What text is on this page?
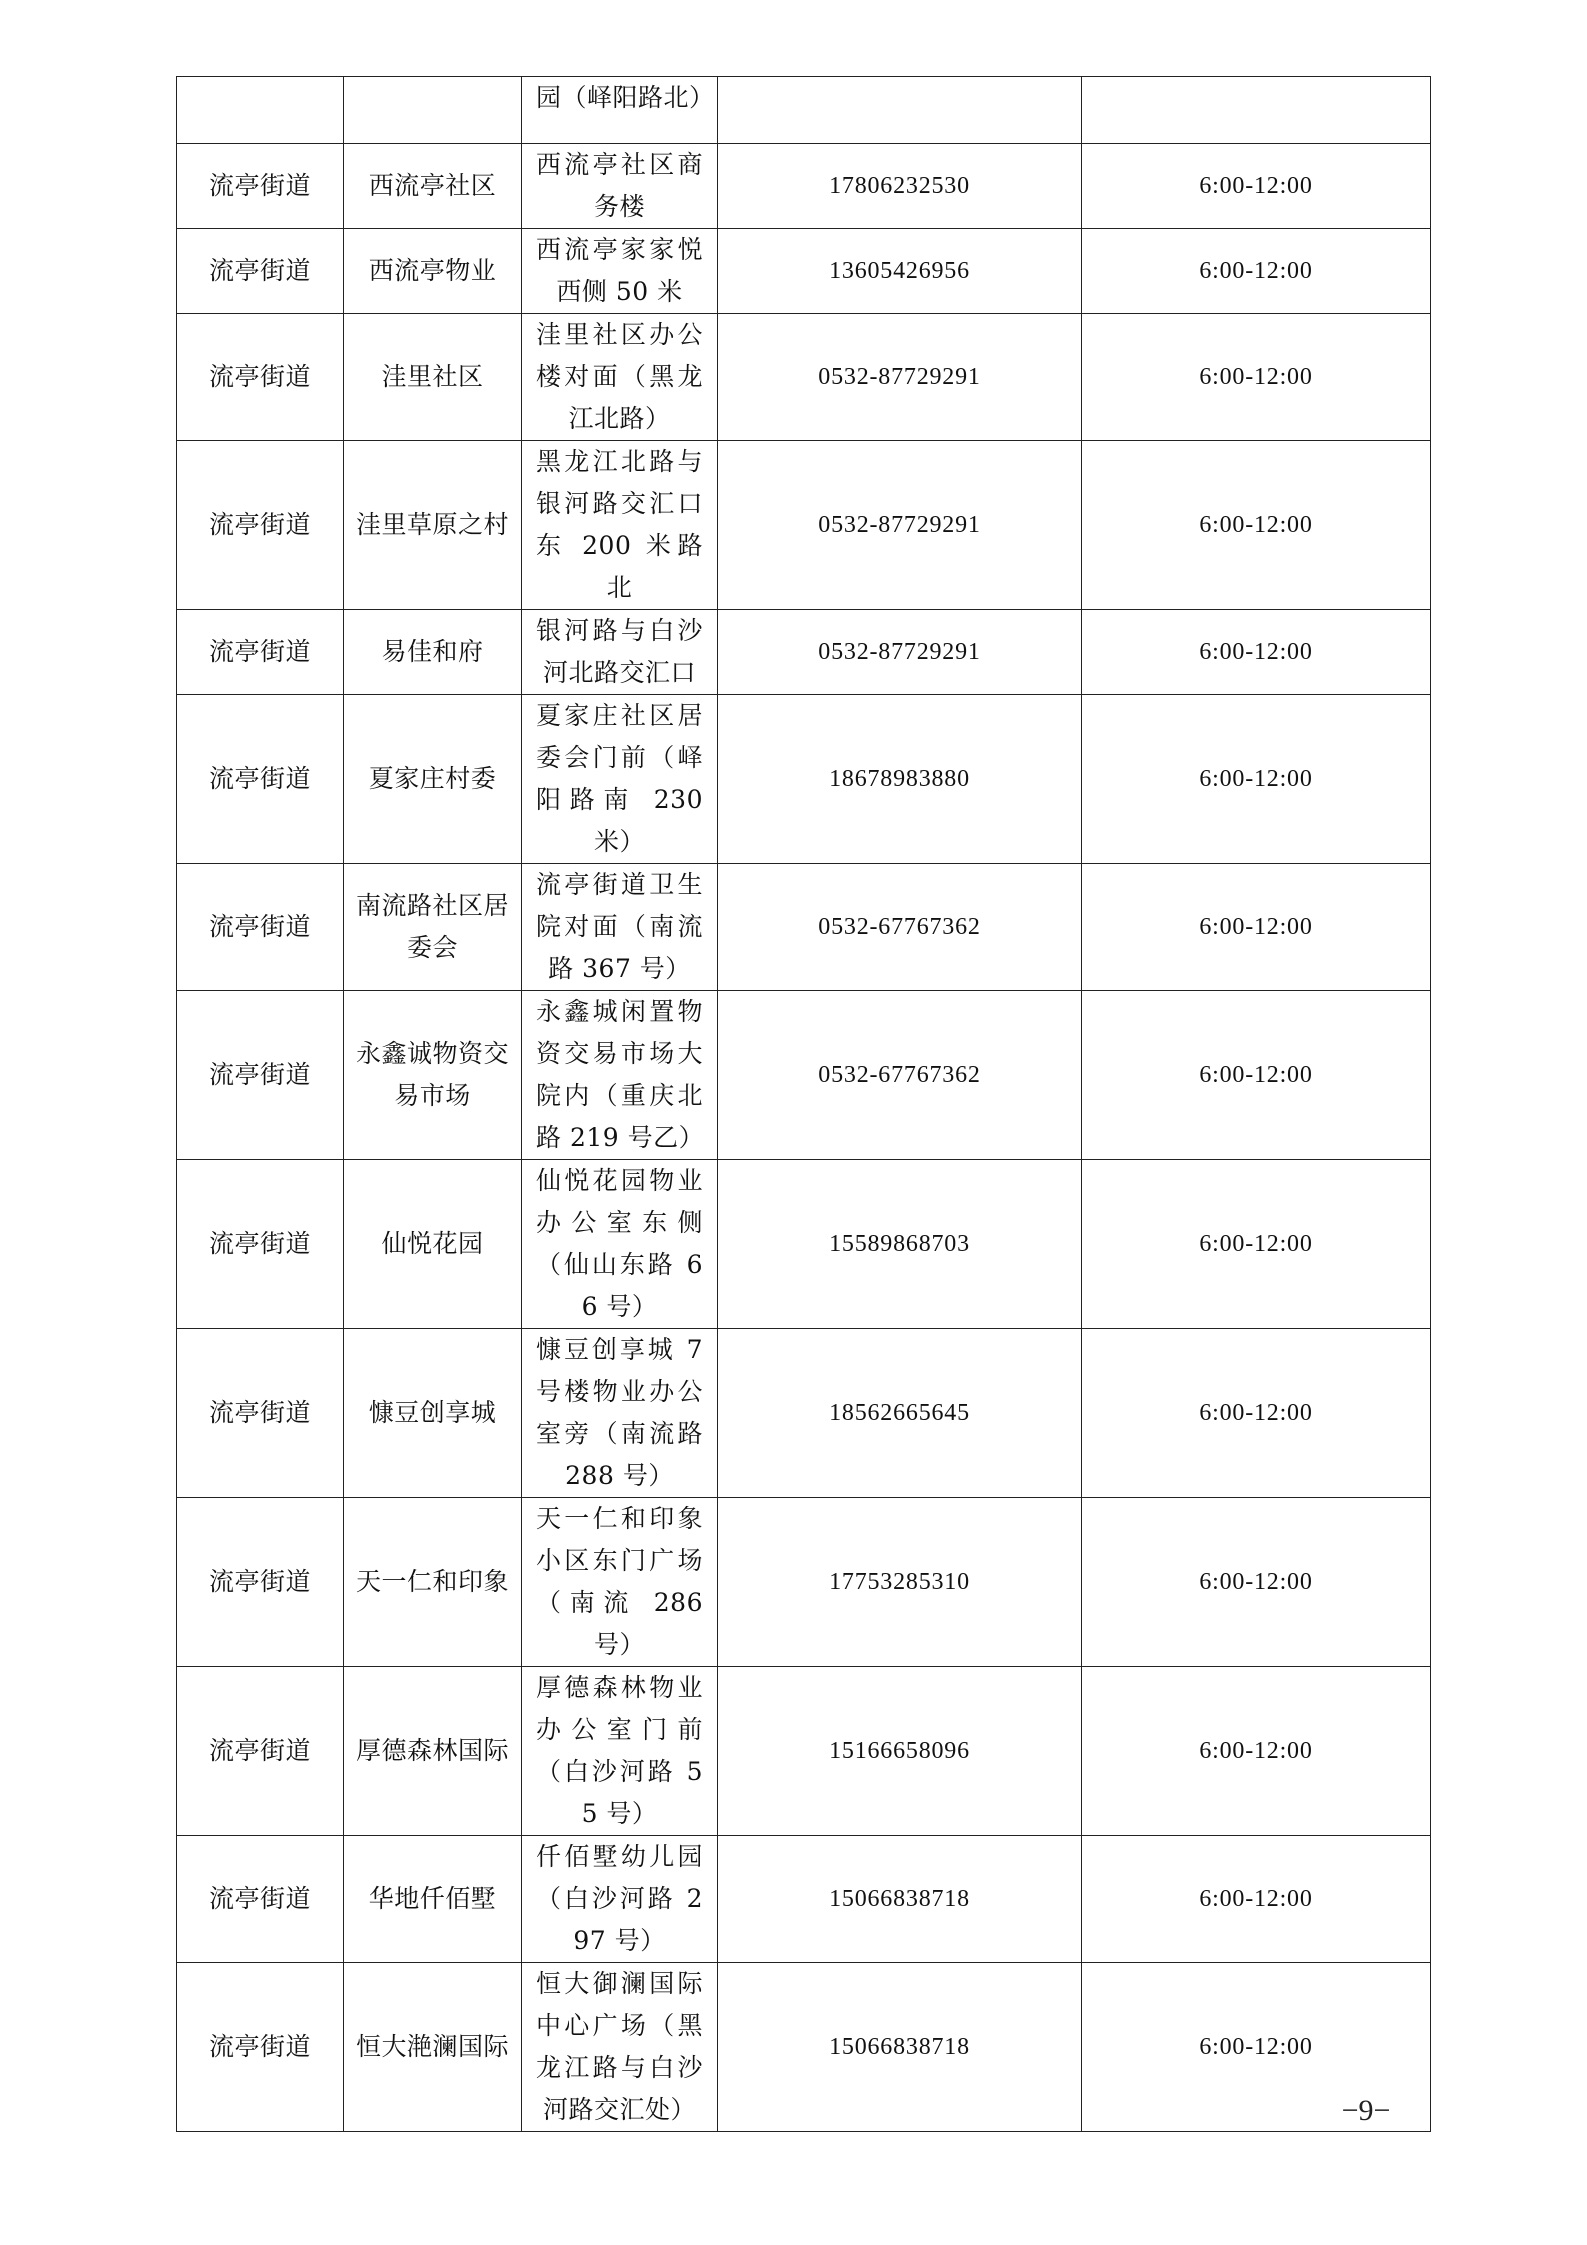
		园（峄阳路北）		
流亭街道	西流亭社区	西流亭社区商务楼	17806232530	6:00-12:00
流亭街道	西流亭物业	西流亭家家悦西侧 50 米	13605426956	6:00-12:00
流亭街道	洼里社区	洼里社区办公楼对面（黑龙江北路）	0532-87729291	6:00-12:00
流亭街道	洼里草原之村	黑龙江北路与银河路交汇口东 200 米路北	0532-87729291	6:00-12:00
流亭街道	易佳和府	银河路与白沙河北路交汇口	0532-87729291	6:00-12:00
流亭街道	夏家庄村委	夏家庄社区居委会门前（峄阳路南 230 米）	18678983880	6:00-12:00
流亭街道	南流路社区居委会	流亭街道卫生院对面（南流路 367 号）	0532-67767362	6:00-12:00
流亭街道	永鑫诚物资交易市场	永鑫城闲置物资交易市场大院内（重庆北路 219 号乙）	0532-67767362	6:00-12:00
流亭街道	仙悦花园	仙悦花园物业办公室东侧（仙山东路 66 号）	15589868703	6:00-12:00
流亭街道	慷豆创享城	慷豆创享城 7 号楼物业办公室旁（南流路 288 号）	18562665645	6:00-12:00
流亭街道	天一仁和印象	天一仁和印象小区东门广场（南流 286 号）	17753285310	6:00-12:00
流亭街道	厚德森林国际	厚德森林物业办公室门前（白沙河路 55 号）	15166658096	6:00-12:00
流亭街道	华地仟佰墅	仟佰墅幼儿园（白沙河路 297 号）	15066838718	6:00-12:00
流亭街道	恒大滟澜国际	恒大御澜国际中心广场（黑龙江路与白沙河路交汇处）	15066838718	6:00-12:00
−9−
